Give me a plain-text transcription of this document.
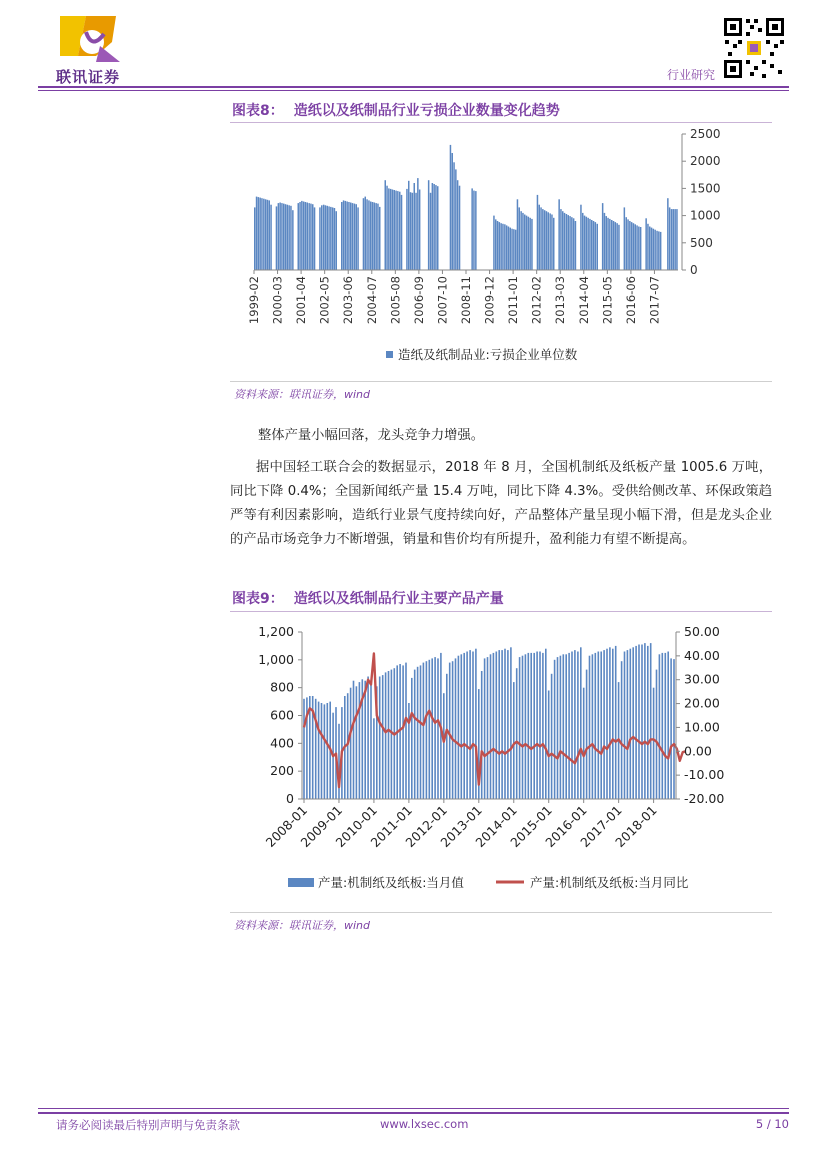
联讯证券	行业研究
图表8： 造纸以及纸制品行业亏损企业数量变化趋势
2500
2000
1500
1000
500
0
1999-02 2000-03 2001-04 2002-05 2003-06 2004-07 2005-08 2006-09 2007-10 2008-11 2009-12 2011-01 2012-02 2013-03 2014-04 2015-05 2016-06 2017-07
造纸及纸制品业:亏损企业单位数
资料来源：联讯证券，wind
整体产量小幅回落，龙头竞争力增强。
据中国轻工联合会的数据显示，2018 年 8 月，全国机制纸及纸板产量 1005.6 万吨，同比下降 0.4%；全国新闻纸产量 15.4 万吨，同比下降 4.3%。受供给侧改革、环保政策趋严等有利因素影响，造纸行业景气度持续向好，产品整体产量呈现小幅下滑，但是龙头企业的产品市场竞争力不断增强，销量和售价均有所提升，盈利能力有望不断提高。
图表9： 造纸以及纸制品行业主要产品产量
1,200
1,000
800
600
400
200
0
50.00
40.00
30.00
20.00
10.00
0.00
-10.00
-20.00
2008-01
2009-01
2010-01
2011-01
2012-01
2013-01
2014-01
2015-01
2016-01
2017-01
2018-01
产量:机制纸及纸板:当月值	产量:机制纸及纸板:当月同比
资料来源：联讯证券，wind
请务必阅读最后特别声明与免责条款	www.lxsec.com	5 / 10
